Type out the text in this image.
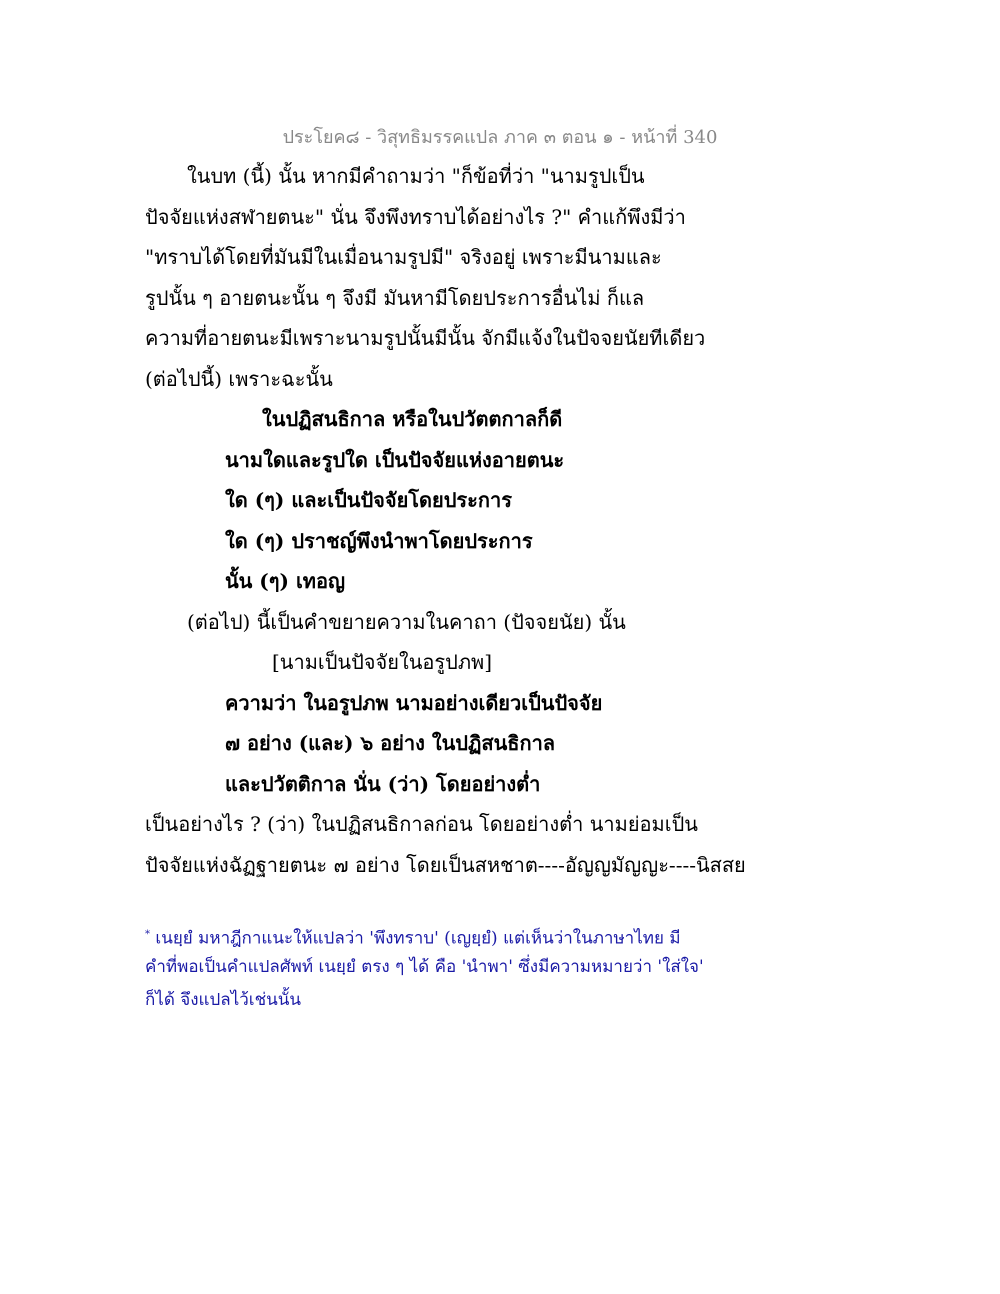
ประโยค๘ - วิสุทธิมรรคแปล ภาค ๓ ตอน ๑ - หน้าที่ 340
ในบท (นี้) นั้น หากมีคำถามว่า "ก็ข้อที่ว่า "นามรูปเป็น
ปัจจัยแห่งสฬายตนะ" นั่น จึงพึงทราบได้อย่างไร ?" คำแก้พึงมีว่า
"ทราบได้โดยที่มันมีในเมื่อนามรูปมี" จริงอยู่ เพราะมีนามและ
รูปนั้น ๆ อายตนะนั้น ๆ จึงมี มันหามีโดยประการอื่นไม่ ก็แล
ความที่อายตนะมีเพราะนามรูปนั้นมีนั้น จักมีแจ้งในปัจจยนัยทีเดียว
(ต่อไปนี้) เพราะฉะนั้น
ในปฏิสนธิกาล หรือในปวัตตกาลก็ดี
นามใดและรูปใด เป็นปัจจัยแห่งอายตนะ
ใด (ๆ) และเป็นปัจจัยโดยประการ
ใด (ๆ) ปราชญ์พึงนำพาโดยประการ
นั้น (ๆ) เทอญ
(ต่อไป) นี้เป็นคำขยายความในคาถา (ปัจจยนัย) นั้น
[นามเป็นปัจจัยในอรูปภพ]
ความว่า ในอรูปภพ นามอย่างเดียวเป็นปัจจัย
๗ อย่าง (และ) ๖ อย่าง ในปฏิสนธิกาล
และปวัตติกาล นั่น (ว่า) โดยอย่างต่ำ
เป็นอย่างไร ? (ว่า) ในปฏิสนธิกาลก่อน โดยอย่างต่ำ นามย่อมเป็น
ปัจจัยแห่งฉัฏฐายตนะ ๗ อย่าง โดยเป็นสหชาต----อัญญมัญญะ----นิสสย
* เนยฺยํ มหาฎีกาแนะให้แปลว่า 'พึงทราบ' (เญยฺยํ) แต่เห็นว่าในภาษาไทย มี
คำที่พอเป็นคำแปลศัพท์ เนยฺยํ ตรง ๆ ได้ คือ 'นำพา' ซึ่งมีความหมายว่า 'ใส่ใจ'
ก็ได้ จึงแปลไว้เช่นนั้น
